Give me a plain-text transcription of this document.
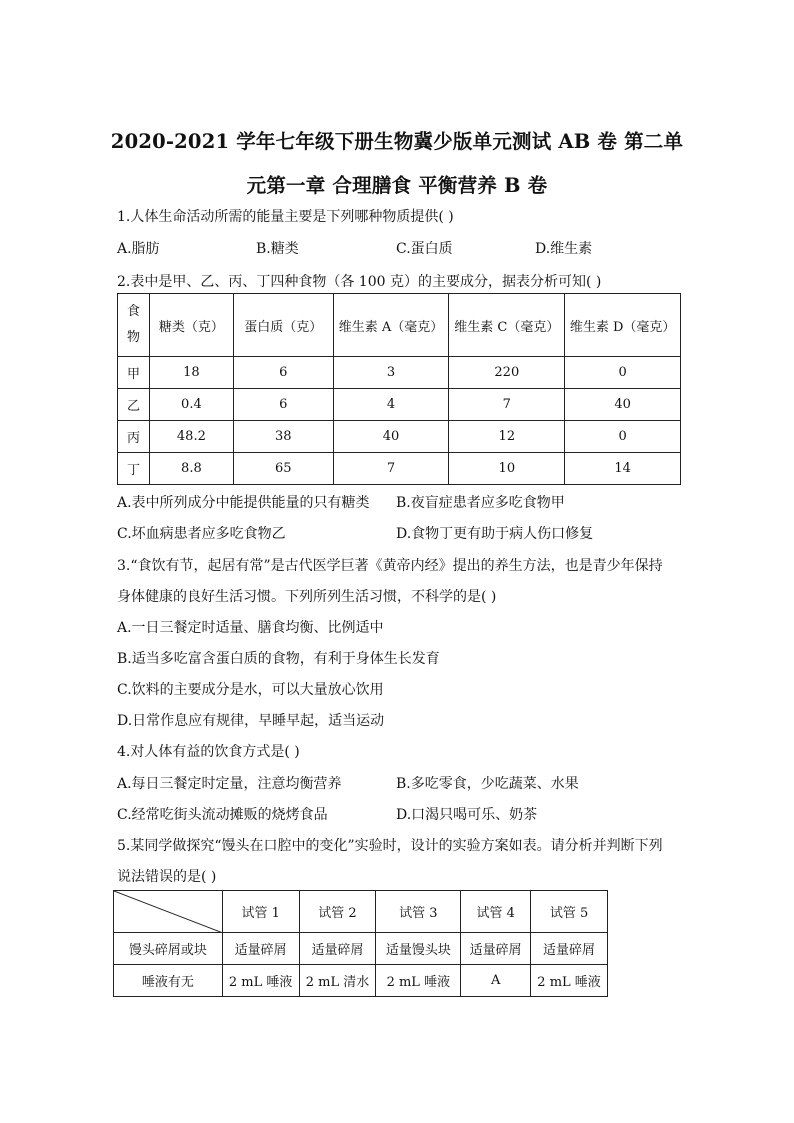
2020-2021 学年七年级下册生物冀少版单元测试 AB 卷 第二单
元第一章 合理膳食 平衡营养 B 卷
1.人体生命活动所需的能量主要是下列哪种物质提供( )
A.脂肪	B.糖类	C.蛋白质	D.维生素
2.表中是甲、乙、丙、丁四种食物（各 100 克）的主要成分，据表分析可知( )
食
物	糖类（克）	蛋白质（克）	维生素 A（毫克）	维生素 C（毫克）	维生素 D（毫克）
甲	18	6	3	220	0
乙	0.4	6	4	7	40
丙	48.2	38	40	12	0
丁	8.8	65	7	10	14
A.表中所列成分中能提供能量的只有糖类 B.夜盲症患者应多吃食物甲
C.坏血病患者应多吃食物乙	D.食物丁更有助于病人伤口修复
3.“食饮有节，起居有常”是古代医学巨著《黄帝内经》提出的养生方法，也是青少年保持
身体健康的良好生活习惯。下列所列生活习惯，不科学的是( )
A.一日三餐定时适量、膳食均衡、比例适中
B.适当多吃富含蛋白质的食物，有利于身体生长发育
C.饮料的主要成分是水，可以大量放心饮用
D.日常作息应有规律，早睡早起，适当运动
4.对人体有益的饮食方式是( )
A.每日三餐定时定量，注意均衡营养	B.多吃零食，少吃蔬菜、水果
C.经常吃街头流动摊贩的烧烤食品	D.口渴只喝可乐、奶茶
5.某同学做探究“馒头在口腔中的变化”实验时，设计的实验方案如表。请分析并判断下列
说法错误的是( )
	试管 1	试管 2	试管 3	试管 4	试管 5
馒头碎屑或块	适量碎屑	适量碎屑	适量馒头块	适量碎屑	适量碎屑
唾液有无	2 mL 唾液	2 mL 清水	2 mL 唾液	A	2 mL 唾液
